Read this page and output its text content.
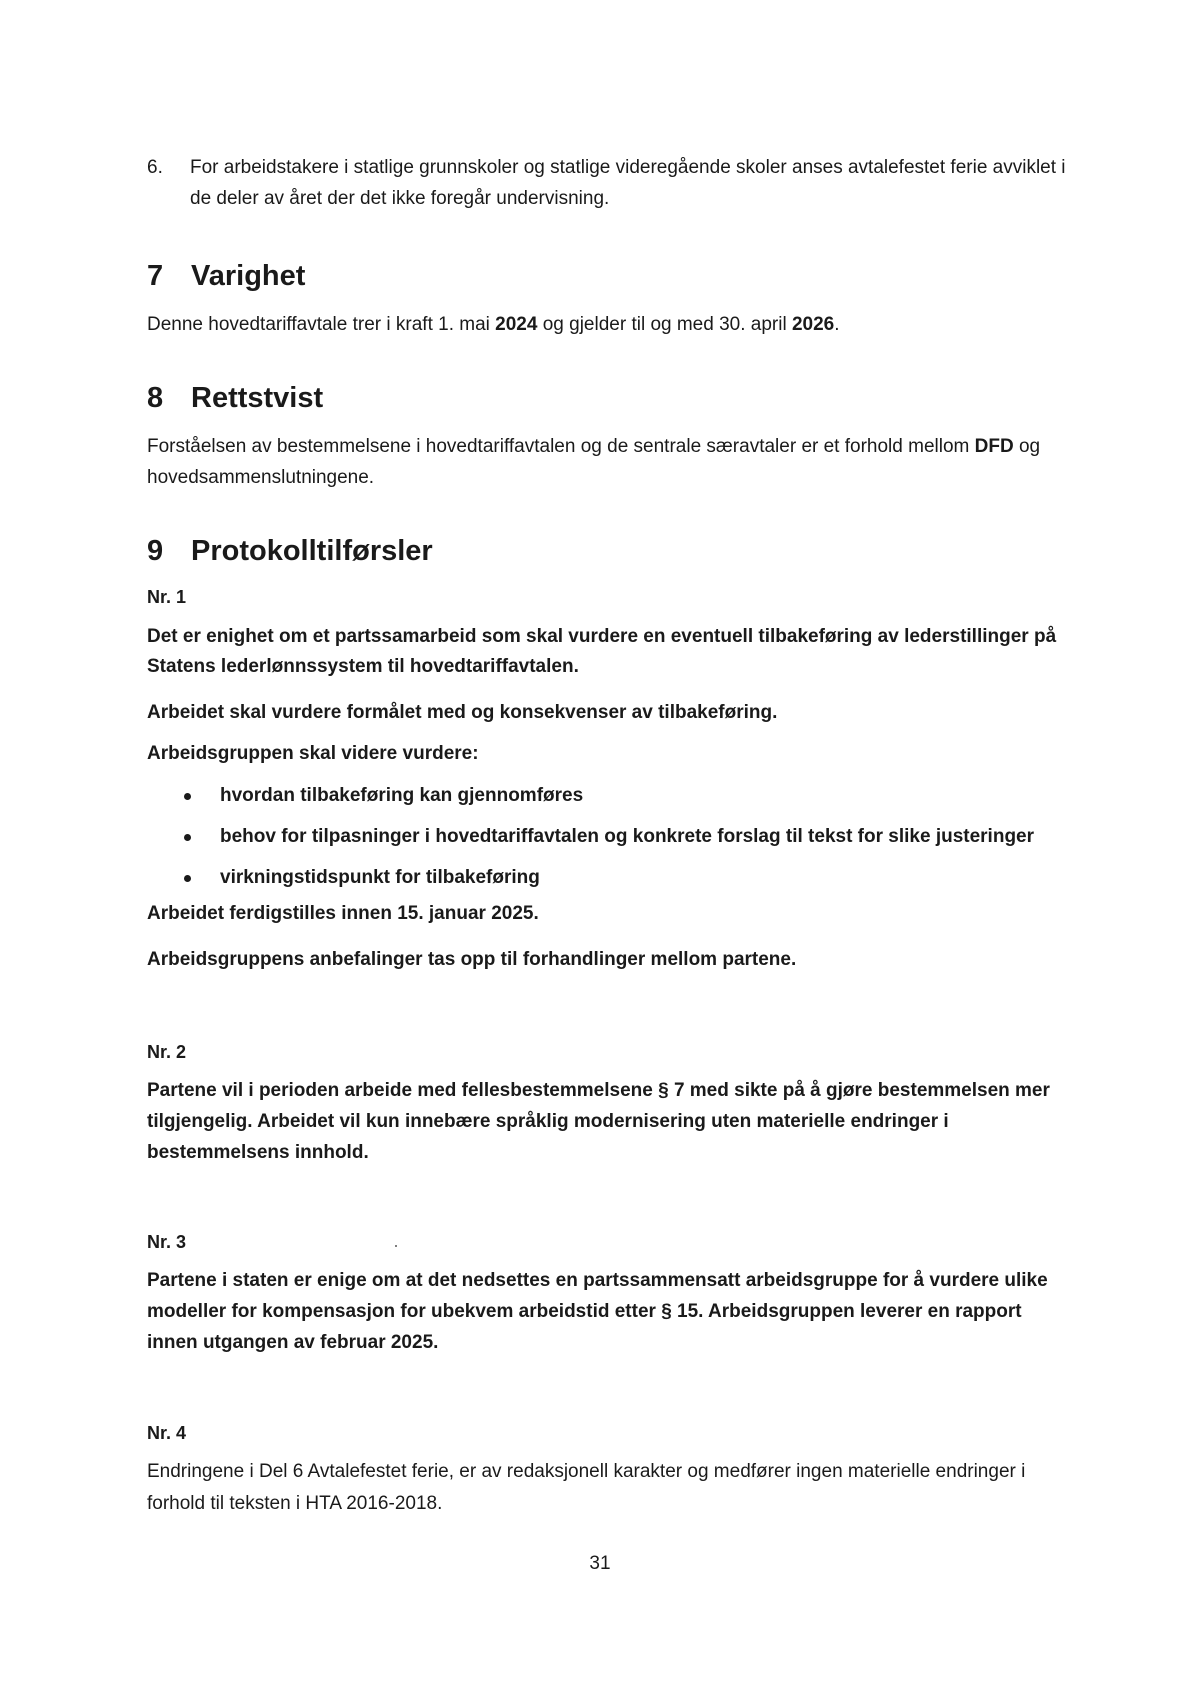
6. For arbeidstakere i statlige grunnskoler og statlige videregående skoler anses avtalefestet ferie avviklet i de deler av året der det ikke foregår undervisning.
7 Varighet

Denne hovedtariffavtale trer i kraft 1. mai 2024 og gjelder til og med 30. april 2026.

8 Rettstvist

Forståelsen av bestemmelsene i hovedtariffavtalen og de sentrale særavtaler er et forhold mellom DFD og hovedsammenslutningene.

9 Protokolltilførsler
Nr. 1

Det er enighet om et partssamarbeid som skal vurdere en eventuell tilbakeføring av lederstillinger på Statens lederlønnssystem til hovedtariffavtalen.

Arbeidet skal vurdere formålet med og konsekvenser av tilbakeføring.

Arbeidsgruppen skal videre vurdere:

hvordan tilbakeføring kan gjennomføres
behov for tilpasninger i hovedtariffavtalen og konkrete forslag til tekst for slike justeringer
virkningstidspunkt for tilbakeføring

Arbeidet ferdigstilles innen 15. januar 2025.

Arbeidsgruppens anbefalinger tas opp til forhandlinger mellom partene.

Nr. 2

Partene vil i perioden arbeide med fellesbestemmelsene § 7 med sikte på å gjøre bestemmelsen mer tilgjengelig. Arbeidet vil kun innebære språklig modernisering uten materielle endringer i bestemmelsens innhold.

Nr. 3

Partene i staten er enige om at det nedsettes en partssammensatt arbeidsgruppe for å vurdere ulike modeller for kompensasjon for ubekvem arbeidstid etter § 15. Arbeidsgruppen leverer en rapport innen utgangen av februar 2025.

Nr. 4

Endringene i Del 6 Avtalefestet ferie, er av redaksjonell karakter og medfører ingen materielle endringer i forhold til teksten i HTA 2016-2018.

31
